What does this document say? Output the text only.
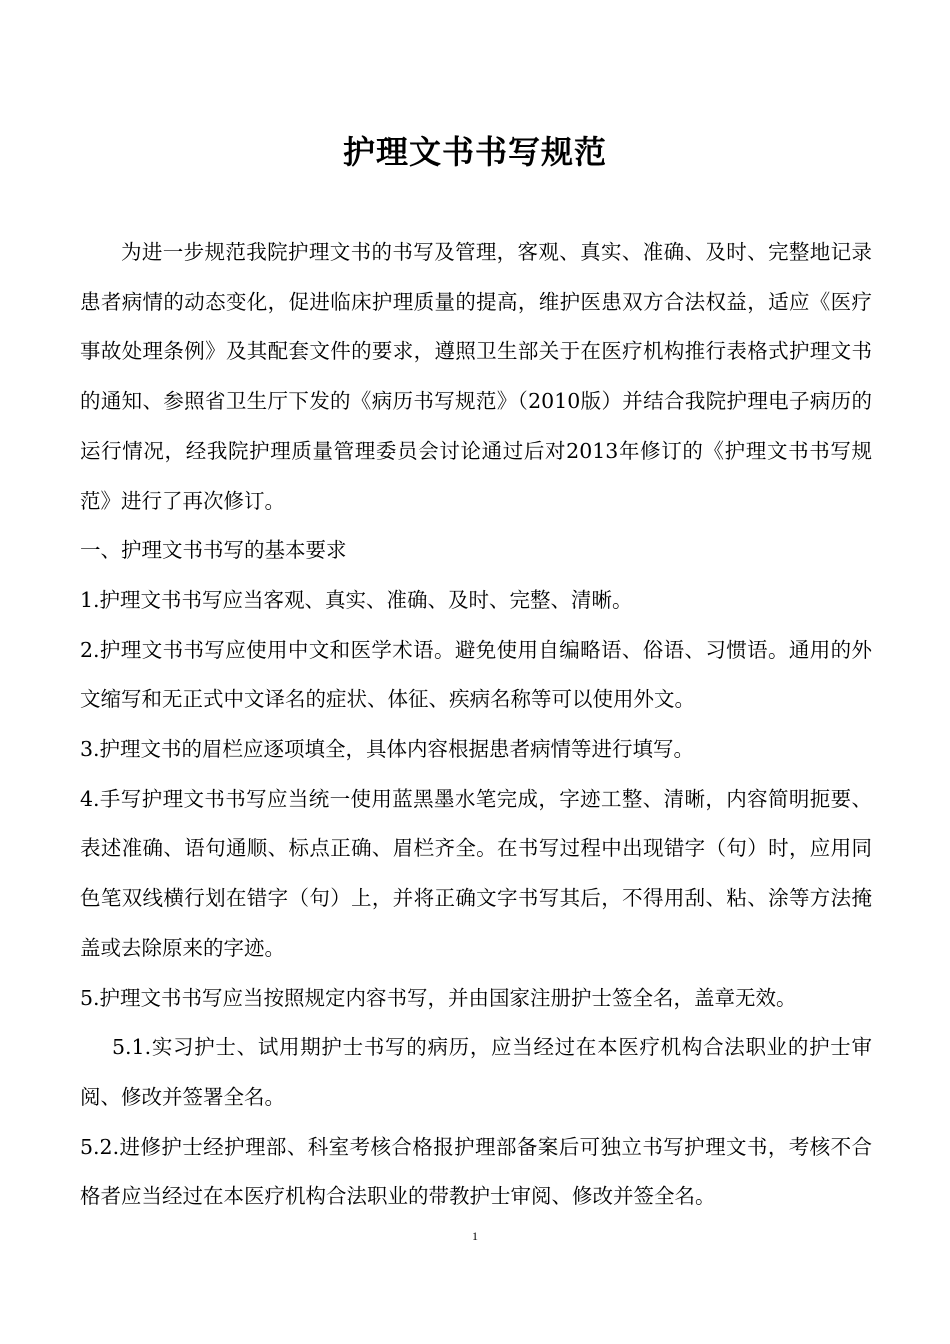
护理文书书写规范

为进一步规范我院护理文书的书写及管理，客观、真实、准确、及时、完整地记录患者病情的动态变化，促进临床护理质量的提高，维护医患双方合法权益，适应《医疗事故处理条例》及其配套文件的要求，遵照卫生部关于在医疗机构推行表格式护理文书的通知、参照省卫生厅下发的《病历书写规范》（2010版）并结合我院护理电子病历的运行情况，经我院护理质量管理委员会讨论通过后对2013年修订的《护理文书书写规范》进行了再次修订。

一、护理文书书写的基本要求

1.护理文书书写应当客观、真实、准确、及时、完整、清晰。

2.护理文书书写应使用中文和医学术语。避免使用自编略语、俗语、习惯语。通用的外文缩写和无正式中文译名的症状、体征、疾病名称等可以使用外文。

3.护理文书的眉栏应逐项填全，具体内容根据患者病情等进行填写。

4.手写护理文书书写应当统一使用蓝黑墨水笔完成，字迹工整、清晰，内容简明扼要、表述准确、语句通顺、标点正确、眉栏齐全。在书写过程中出现错字（句）时，应用同色笔双线横行划在错字（句）上，并将正确文字书写其后，不得用刮、粘、涂等方法掩盖或去除原来的字迹。

5.护理文书书写应当按照规定内容书写，并由国家注册护士签全名，盖章无效。

5.1.实习护士、试用期护士书写的病历，应当经过在本医疗机构合法职业的护士审阅、修改并签署全名。

5.2.进修护士经护理部、科室考核合格报护理部备案后可独立书写护理文书，考核不合格者应当经过在本医疗机构合法职业的带教护士审阅、修改并签全名。

1
